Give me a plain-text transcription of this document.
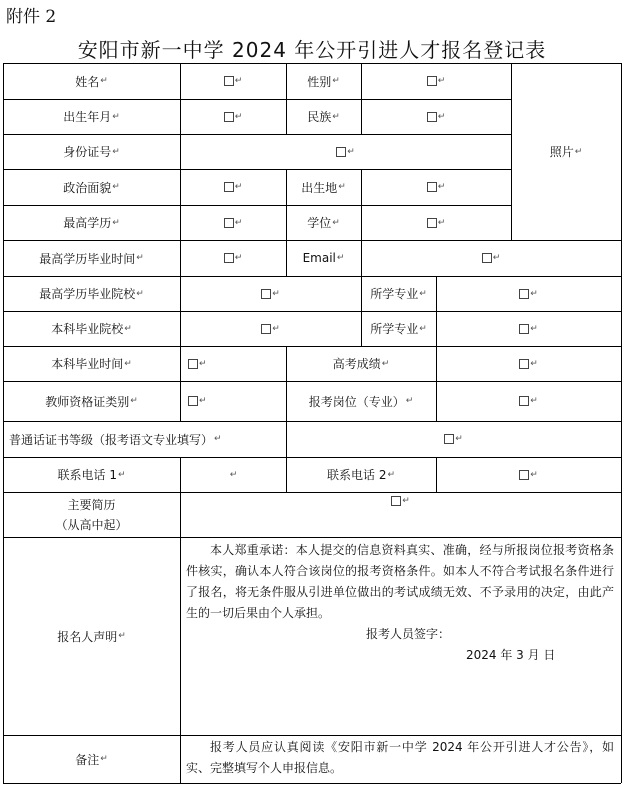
附件 2
安阳市新一中学 2024 年公开引进人才报名登记表
姓名 ↵	↵	性别 ↵	↵
照片 ↵
出生年月 ↵	↵	民族 ↵	↵
身份证号 ↵	↵
政治面貌 ↵	↵	出生地 ↵	↵
最高学历 ↵	↵	学位 ↵	↵
最高学历毕业时间 ↵	↵	Email ↵	↵
最高学历毕业院校 ↵	↵	所学专业 ↵	↵
本科毕业院校 ↵	↵	所学专业 ↵	↵
本科毕业时间 ↵	↵	高考成绩 ↵	↵
教师资格证类别 ↵	↵	报考岗位（专业） ↵	↵
普通话证书等级（报考语文专业填写） ↵	↵
联系电话 1 ↵	↵	联系电话 2 ↵	↵
主要简历
（从高中起）
↵
报名人声明 ↵
本人郑重承诺：本人提交的信息资料真实、准确，经与所报岗位报考资格条件核实，确认本人符合该岗位的报考资格条件。如本人不符合考试报名条件进行了报名，将无条件服从引进单位做出的考试成绩无效、不予录用的决定，由此产生的一切后果由个人承担。
报考人员签字：
2024 年 3 月 日
备注 ↵
报考人员应认真阅读《安阳市新一中学 2024 年公开引进人才公告》，如实、完整填写个人申报信息。
